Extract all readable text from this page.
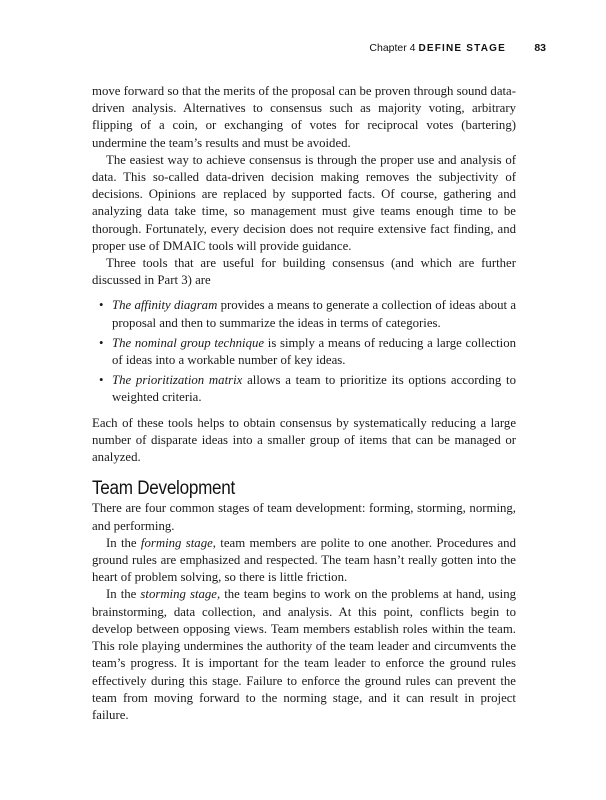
Chapter 4 DEFINE STAGE	83

move forward so that the merits of the proposal can be proven through sound data-driven analysis. Alternatives to consensus such as majority voting, arbitrary flipping of a coin, or exchanging of votes for reciprocal votes (bartering) undermine the team’s results and must be avoided.

The easiest way to achieve consensus is through the proper use and analysis of data. This so-called data-driven decision making removes the subjectivity of decisions. Opinions are replaced by supported facts. Of course, gathering and analyzing data take time, so management must give teams enough time to be thorough. Fortunately, every decision does not require extensive fact finding, and proper use of DMAIC tools will provide guidance.

Three tools that are useful for building consensus (and which are further discussed in Part 3) are

• The affinity diagram provides a means to generate a collection of ideas about a proposal and then to summarize the ideas in terms of categories.
• The nominal group technique is simply a means of reducing a large collection of ideas into a workable number of key ideas.
• The prioritization matrix allows a team to prioritize its options according to weighted criteria.

Each of these tools helps to obtain consensus by systematically reducing a large number of disparate ideas into a smaller group of items that can be managed or analyzed.

Team Development

There are four common stages of team development: forming, storming, norming, and performing.

In the forming stage, team members are polite to one another. Procedures and ground rules are emphasized and respected. The team hasn’t really gotten into the heart of problem solving, so there is little friction.

In the storming stage, the team begins to work on the problems at hand, using brainstorming, data collection, and analysis. At this point, conflicts begin to develop between opposing views. Team members establish roles within the team. This role playing undermines the authority of the team leader and circumvents the team’s progress. It is important for the team leader to enforce the ground rules effectively during this stage. Failure to enforce the ground rules can prevent the team from moving forward to the norming stage, and it can result in project failure.
